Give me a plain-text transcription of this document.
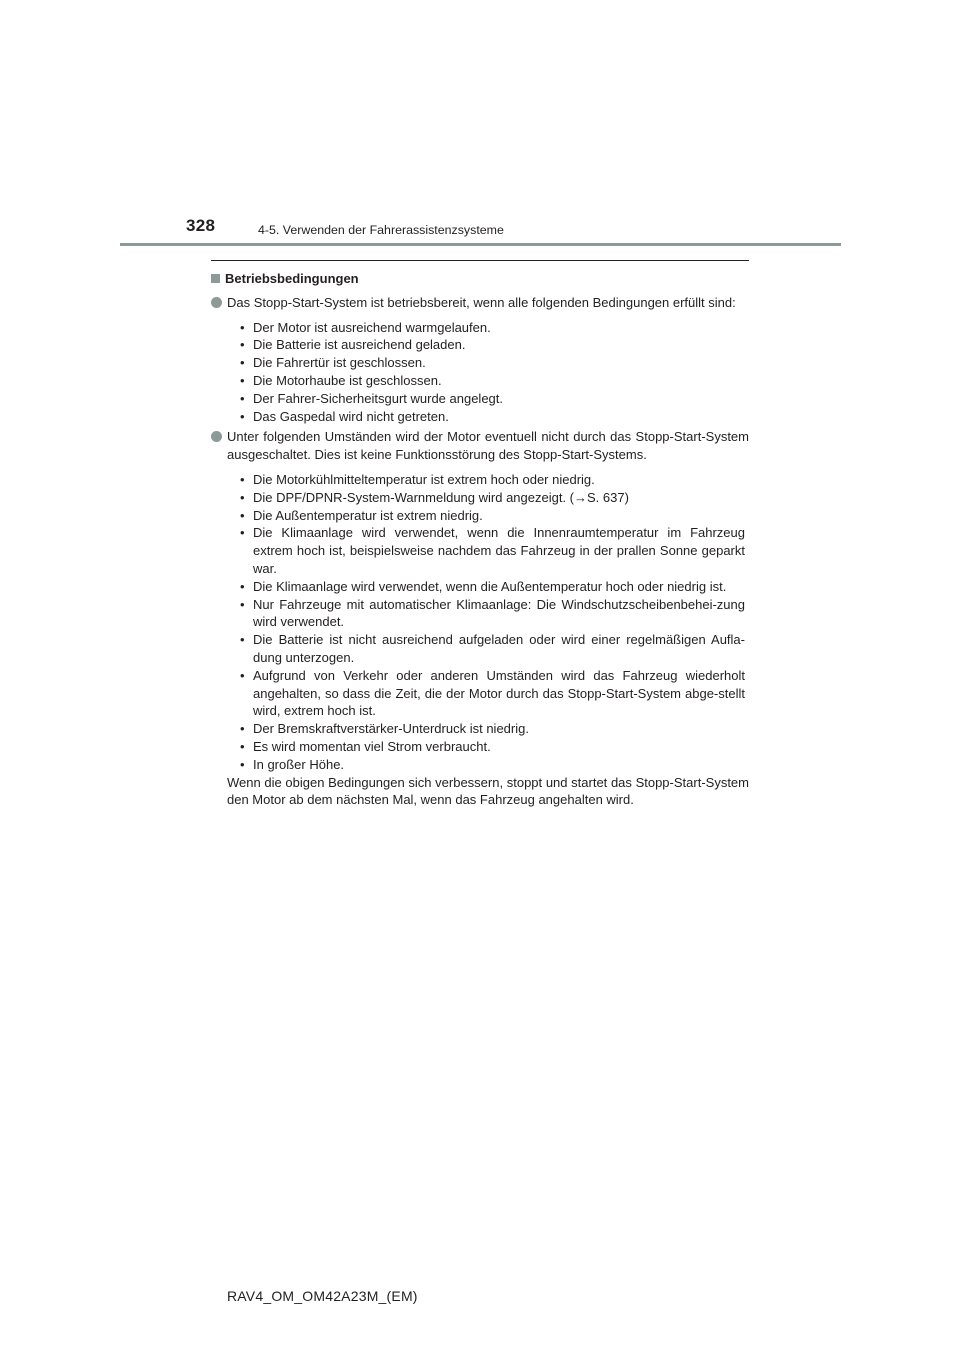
328	4-5. Verwenden der Fahrerassistenzsysteme

Betriebsbedingungen

Das Stopp-Start-System ist betriebsbereit, wenn alle folgenden Bedingungen erfüllt sind:

• Der Motor ist ausreichend warmgelaufen.
• Die Batterie ist ausreichend geladen.
• Die Fahrertür ist geschlossen.
• Die Motorhaube ist geschlossen.
• Der Fahrer-Sicherheitsgurt wurde angelegt.
• Das Gaspedal wird nicht getreten.

Unter folgenden Umständen wird der Motor eventuell nicht durch das Stopp-Start-System ausgeschaltet. Dies ist keine Funktionsstörung des Stopp-Start-Systems.

• Die Motorkühlmitteltemperatur ist extrem hoch oder niedrig.
• Die DPF/DPNR-System-Warnmeldung wird angezeigt. (→S. 637)
• Die Außentemperatur ist extrem niedrig.
• Die Klimaanlage wird verwendet, wenn die Innenraumtemperatur im Fahrzeug extrem hoch ist, beispielsweise nachdem das Fahrzeug in der prallen Sonne geparkt war.
• Die Klimaanlage wird verwendet, wenn die Außentemperatur hoch oder niedrig ist.
• Nur Fahrzeuge mit automatischer Klimaanlage: Die Windschutzscheibenbehei-zung wird verwendet.
• Die Batterie ist nicht ausreichend aufgeladen oder wird einer regelmäßigen Aufla-dung unterzogen.
• Aufgrund von Verkehr oder anderen Umständen wird das Fahrzeug wiederholt angehalten, so dass die Zeit, die der Motor durch das Stopp-Start-System abge-stellt wird, extrem hoch ist.
• Der Bremskraftverstärker-Unterdruck ist niedrig.
• Es wird momentan viel Strom verbraucht.
• In großer Höhe.

Wenn die obigen Bedingungen sich verbessern, stoppt und startet das Stopp-Start-System den Motor ab dem nächsten Mal, wenn das Fahrzeug angehalten wird.

RAV4_OM_OM42A23M_(EM)
